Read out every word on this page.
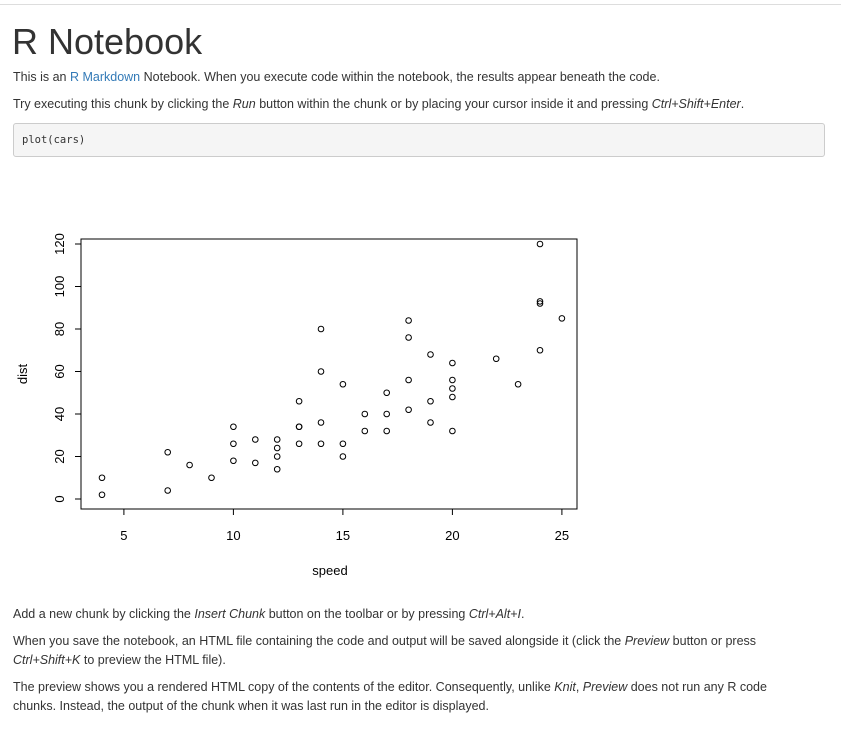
R Notebook

This is an R Markdown Notebook. When you execute code within the notebook, the results appear beneath the code.

Try executing this chunk by clicking the Run button within the chunk or by placing your cursor inside it and pressing Ctrl+Shift+Enter.

plot(cars)
5	10	15	20	25
0
20
40
60
80
100
120
speed
dist

Add a new chunk by clicking the Insert Chunk button on the toolbar or by pressing Ctrl+Alt+I.

When you save the notebook, an HTML file containing the code and output will be saved alongside it (click the Preview button or press Ctrl+Shift+K to preview the HTML file).

The preview shows you a rendered HTML copy of the contents of the editor. Consequently, unlike Knit, Preview does not run any R code chunks. Instead, the output of the chunk when it was last run in the editor is displayed.
